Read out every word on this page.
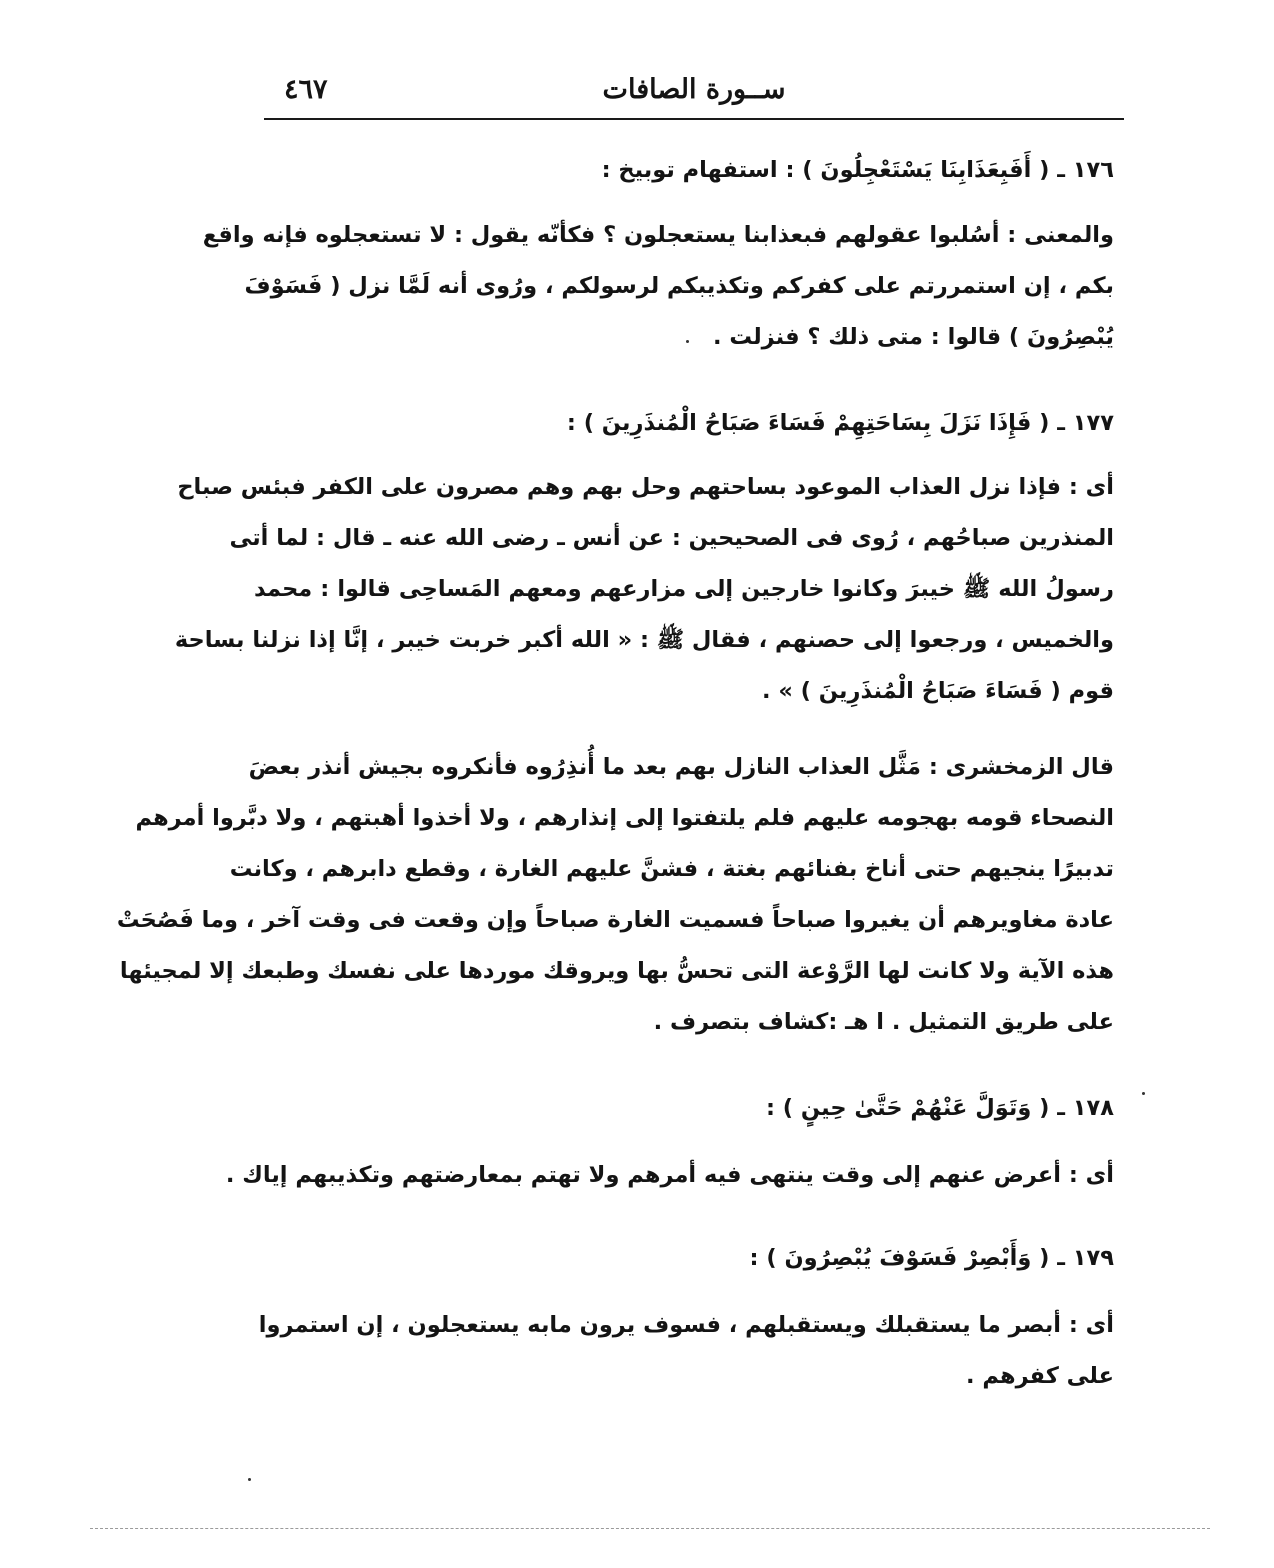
ســورة الصافات
٤٦٧
١٧٦ ـ ( أَفَبِعَذَابِنَا يَسْتَعْجِلُونَ ) : استفهام توبيخ :
والمعنى : أسُلبوا عقولهم فبعذابنا يستعجلون ؟ فكأنّه يقول : لا تستعجلوه فإنه واقع
بكم ، إن استمررتم على كفركم وتكذيبكم لرسولكم ، ورُوى أنه لَمَّا نزل ( فَسَوْفَ
يُبْصِرُونَ ) قالوا : متى ذلك ؟ فنزلت .
١٧٧ ـ ( فَإِذَا نَزَلَ بِسَاحَتِهِمْ فَسَاءَ صَبَاحُ الْمُنذَرِينَ ) :
أى : فإذا نزل العذاب الموعود بساحتهم وحل بهم وهم مصرون على الكفر فبئس صباح
المنذرين صباحُهم ، رُوى فى الصحيحين : عن أنس ـ رضى الله عنه ـ قال : لما أتى
رسولُ الله ﷺ خيبرَ وكانوا خارجين إلى مزارعهم ومعهم المَساحِى قالوا : محمد
والخميس ، ورجعوا إلى حصنهم ، فقال ﷺ : « الله أكبر خربت خيبر ، إنَّا إذا نزلنا بساحة
قوم ( فَسَاءَ صَبَاحُ الْمُنذَرِينَ ) » .
قال الزمخشرى : مَثَّل العذاب النازل بهم بعد ما أُنذِرُوه فأنكروه بجيش أنذر بعضَ
النصحاء قومه بهجومه عليهم فلم يلتفتوا إلى إنذارهم ، ولا أخذوا أهبتهم ، ولا دبَّروا أمرهم
تدبيرًا ينجيهم حتى أناخ بفنائهم بغتة ، فشنَّ عليهم الغارة ، وقطع دابرهم ، وكانت
عادة مغاويرهم أن يغيروا صباحاً فسميت الغارة صباحاً وإن وقعت فى وقت آخر ، وما فَصُحَتْ
هذه الآية ولا كانت لها الرَّوْعة التى تحسُّ بها ويروقك موردها على نفسك وطبعك إلا لمجيئها
على طريق التمثيل . ا هـ :كشاف بتصرف .
١٧٨ ـ ( وَتَوَلَّ عَنْهُمْ حَتَّىٰ حِينٍ ) :
أى : أعرض عنهم إلى وقت ينتهى فيه أمرهم ولا تهتم بمعارضتهم وتكذيبهم إياك .
١٧٩ ـ ( وَأَبْصِرْ فَسَوْفَ يُبْصِرُونَ ) :
أى : أبصر ما يستقبلك ويستقبلهم ، فسوف يرون مابه يستعجلون ، إن استمروا
على كفرهم .
